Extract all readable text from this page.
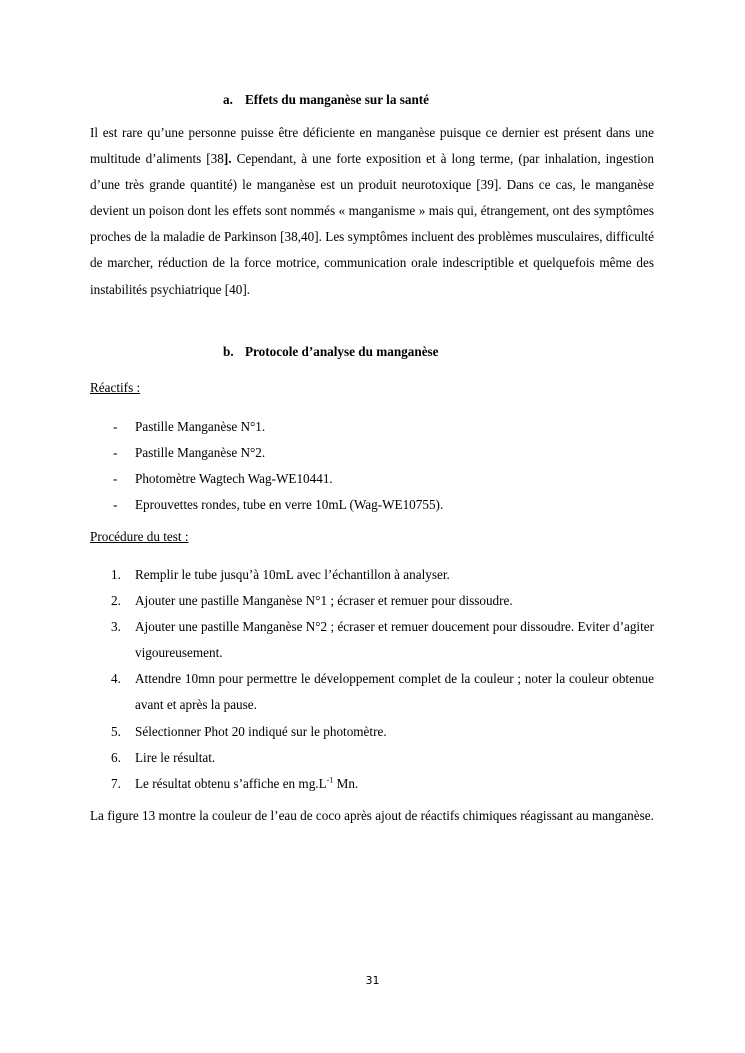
a. Effets du manganèse sur la santé

Il est rare qu’une personne puisse être déficiente en manganèse puisque ce dernier est présent dans une multitude d’aliments [38]. Cependant, à une forte exposition et à long terme, (par inhalation, ingestion d’une très grande quantité) le manganèse est un produit neurotoxique [39]. Dans ce cas, le manganèse devient un poison dont les effets sont nommés « manganisme » mais qui, étrangement, ont des symptômes proches de la maladie de Parkinson [38,40]. Les symptômes incluent des problèmes musculaires, difficulté de marcher, réduction de la force motrice, communication orale indescriptible et quelquefois même des instabilités psychiatrique [40].

b. Protocole d’analyse du manganèse
Réactifs :
- Pastille Manganèse N°1.
- Pastille Manganèse N°2.
- Photomètre Wagtech Wag-WE10441.
- Eprouvettes rondes, tube en verre 10mL (Wag-WE10755).
Procédure du test :
1. Remplir le tube jusqu’à 10mL avec l’échantillon à analyser.
2. Ajouter une pastille Manganèse N°1 ; écraser et remuer pour dissoudre.
3. Ajouter une pastille Manganèse N°2 ; écraser et remuer doucement pour dissoudre. Eviter d’agiter vigoureusement.
4. Attendre 10mn pour permettre le développement complet de la couleur ; noter la couleur obtenue avant et après la pause.
5. Sélectionner Phot 20 indiqué sur le photomètre.
6. Lire le résultat.
7. Le résultat obtenu s’affiche en $mg.L^{-1}$ Mn.

La figure 13 montre la couleur de l’eau de coco après ajout de réactifs chimiques réagissant au manganèse.

31
